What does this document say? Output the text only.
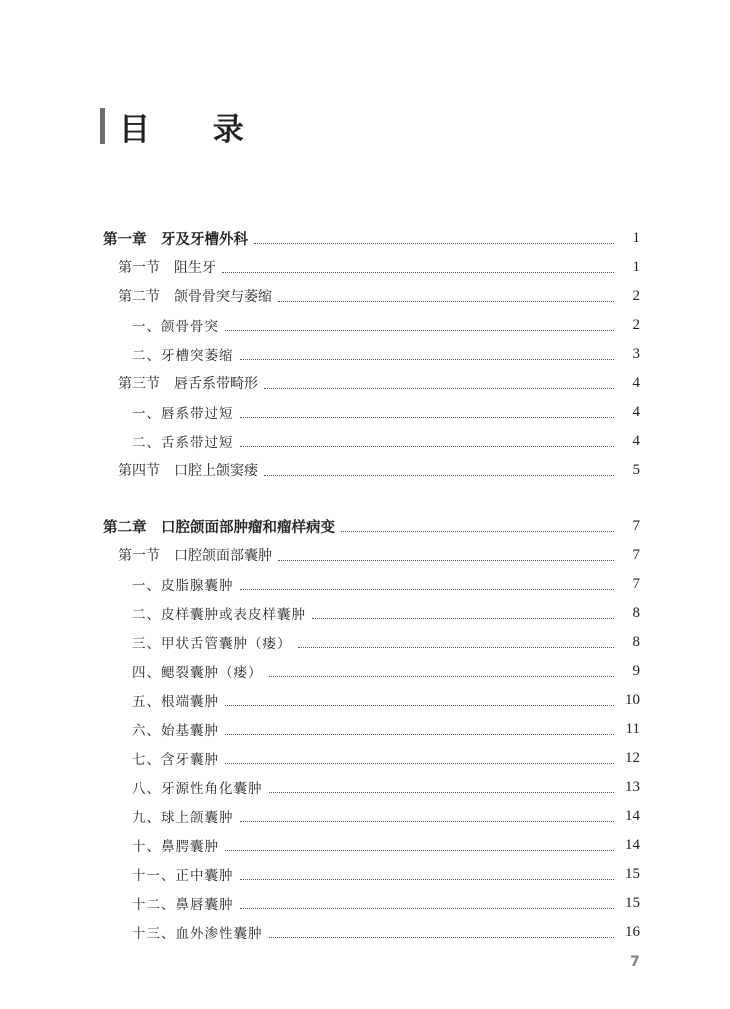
目 录
第一章　牙及牙槽外科	1
第一节　阻生牙	1
第二节　颌骨骨突与萎缩	2
一、颌骨骨突	2
二、牙槽突萎缩	3
第三节　唇舌系带畸形	4
一、唇系带过短	4
二、舌系带过短	4
第四节　口腔上颌窦瘘	5
第二章　口腔颌面部肿瘤和瘤样病变	7
第一节　口腔颌面部囊肿	7
一、皮脂腺囊肿	7
二、皮样囊肿或表皮样囊肿	8
三、甲状舌管囊肿（瘘）	8
四、鳃裂囊肿（瘘）	9
五、根端囊肿	10
六、始基囊肿	11
七、含牙囊肿	12
八、牙源性角化囊肿	13
九、球上颌囊肿	14
十、鼻腭囊肿	14
十一、正中囊肿	15
十二、鼻唇囊肿	15
十三、血外渗性囊肿	16
7
